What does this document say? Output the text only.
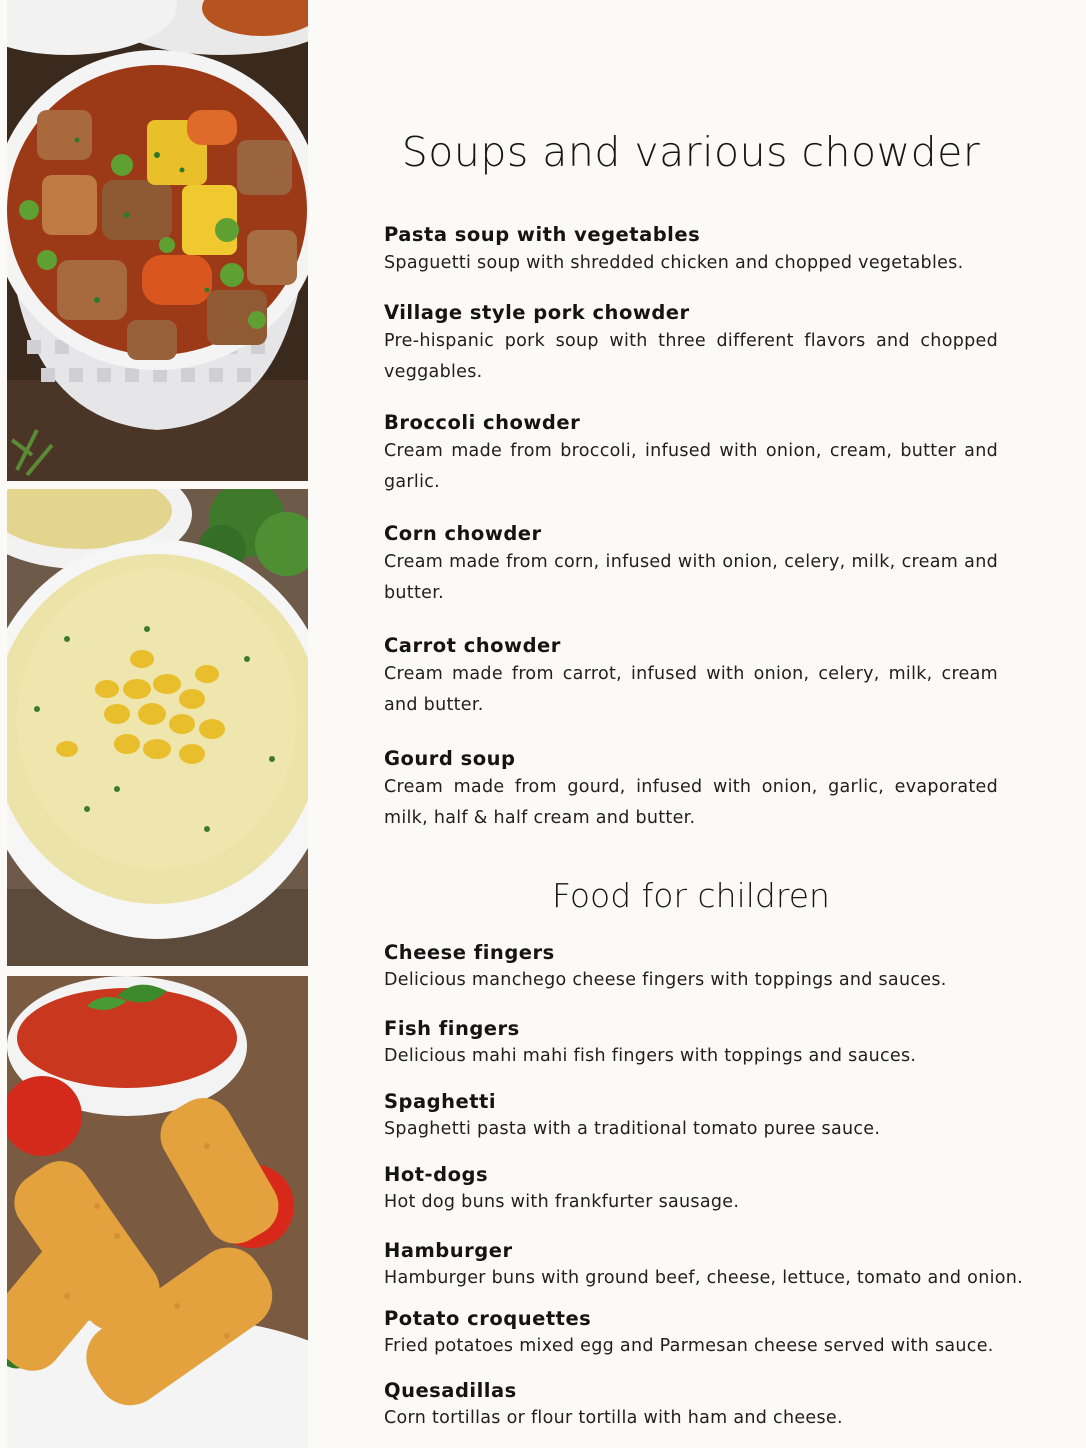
Soups and various chowder
Pasta soup with vegetables
Spaguetti soup with shredded chicken and chopped vegetables.
Village style pork chowder
Pre-hispanic pork soup with three different flavors and chopped veggables.
Broccoli chowder
Cream made from broccoli, infused with onion, cream, butter and garlic.
Corn chowder
Cream made from corn, infused with onion, celery, milk, cream and butter.
Carrot chowder
Cream made from carrot, infused with onion, celery, milk, cream and butter.
Gourd soup
Cream made from gourd, infused with onion, garlic, evaporated milk, half & half cream and butter.
Food for children
Cheese fingers
Delicious manchego cheese fingers with toppings and sauces.
Fish fingers
Delicious mahi mahi fish fingers with toppings and sauces.
Spaghetti
Spaghetti pasta with a traditional tomato puree sauce.
Hot-dogs
Hot dog buns with frankfurter sausage.
Hamburger
Hamburger buns with ground beef, cheese, lettuce, tomato and onion.
Potato croquettes
Fried potatoes mixed egg and Parmesan cheese served with sauce.
Quesadillas
Corn tortillas or flour tortilla with ham and cheese.
